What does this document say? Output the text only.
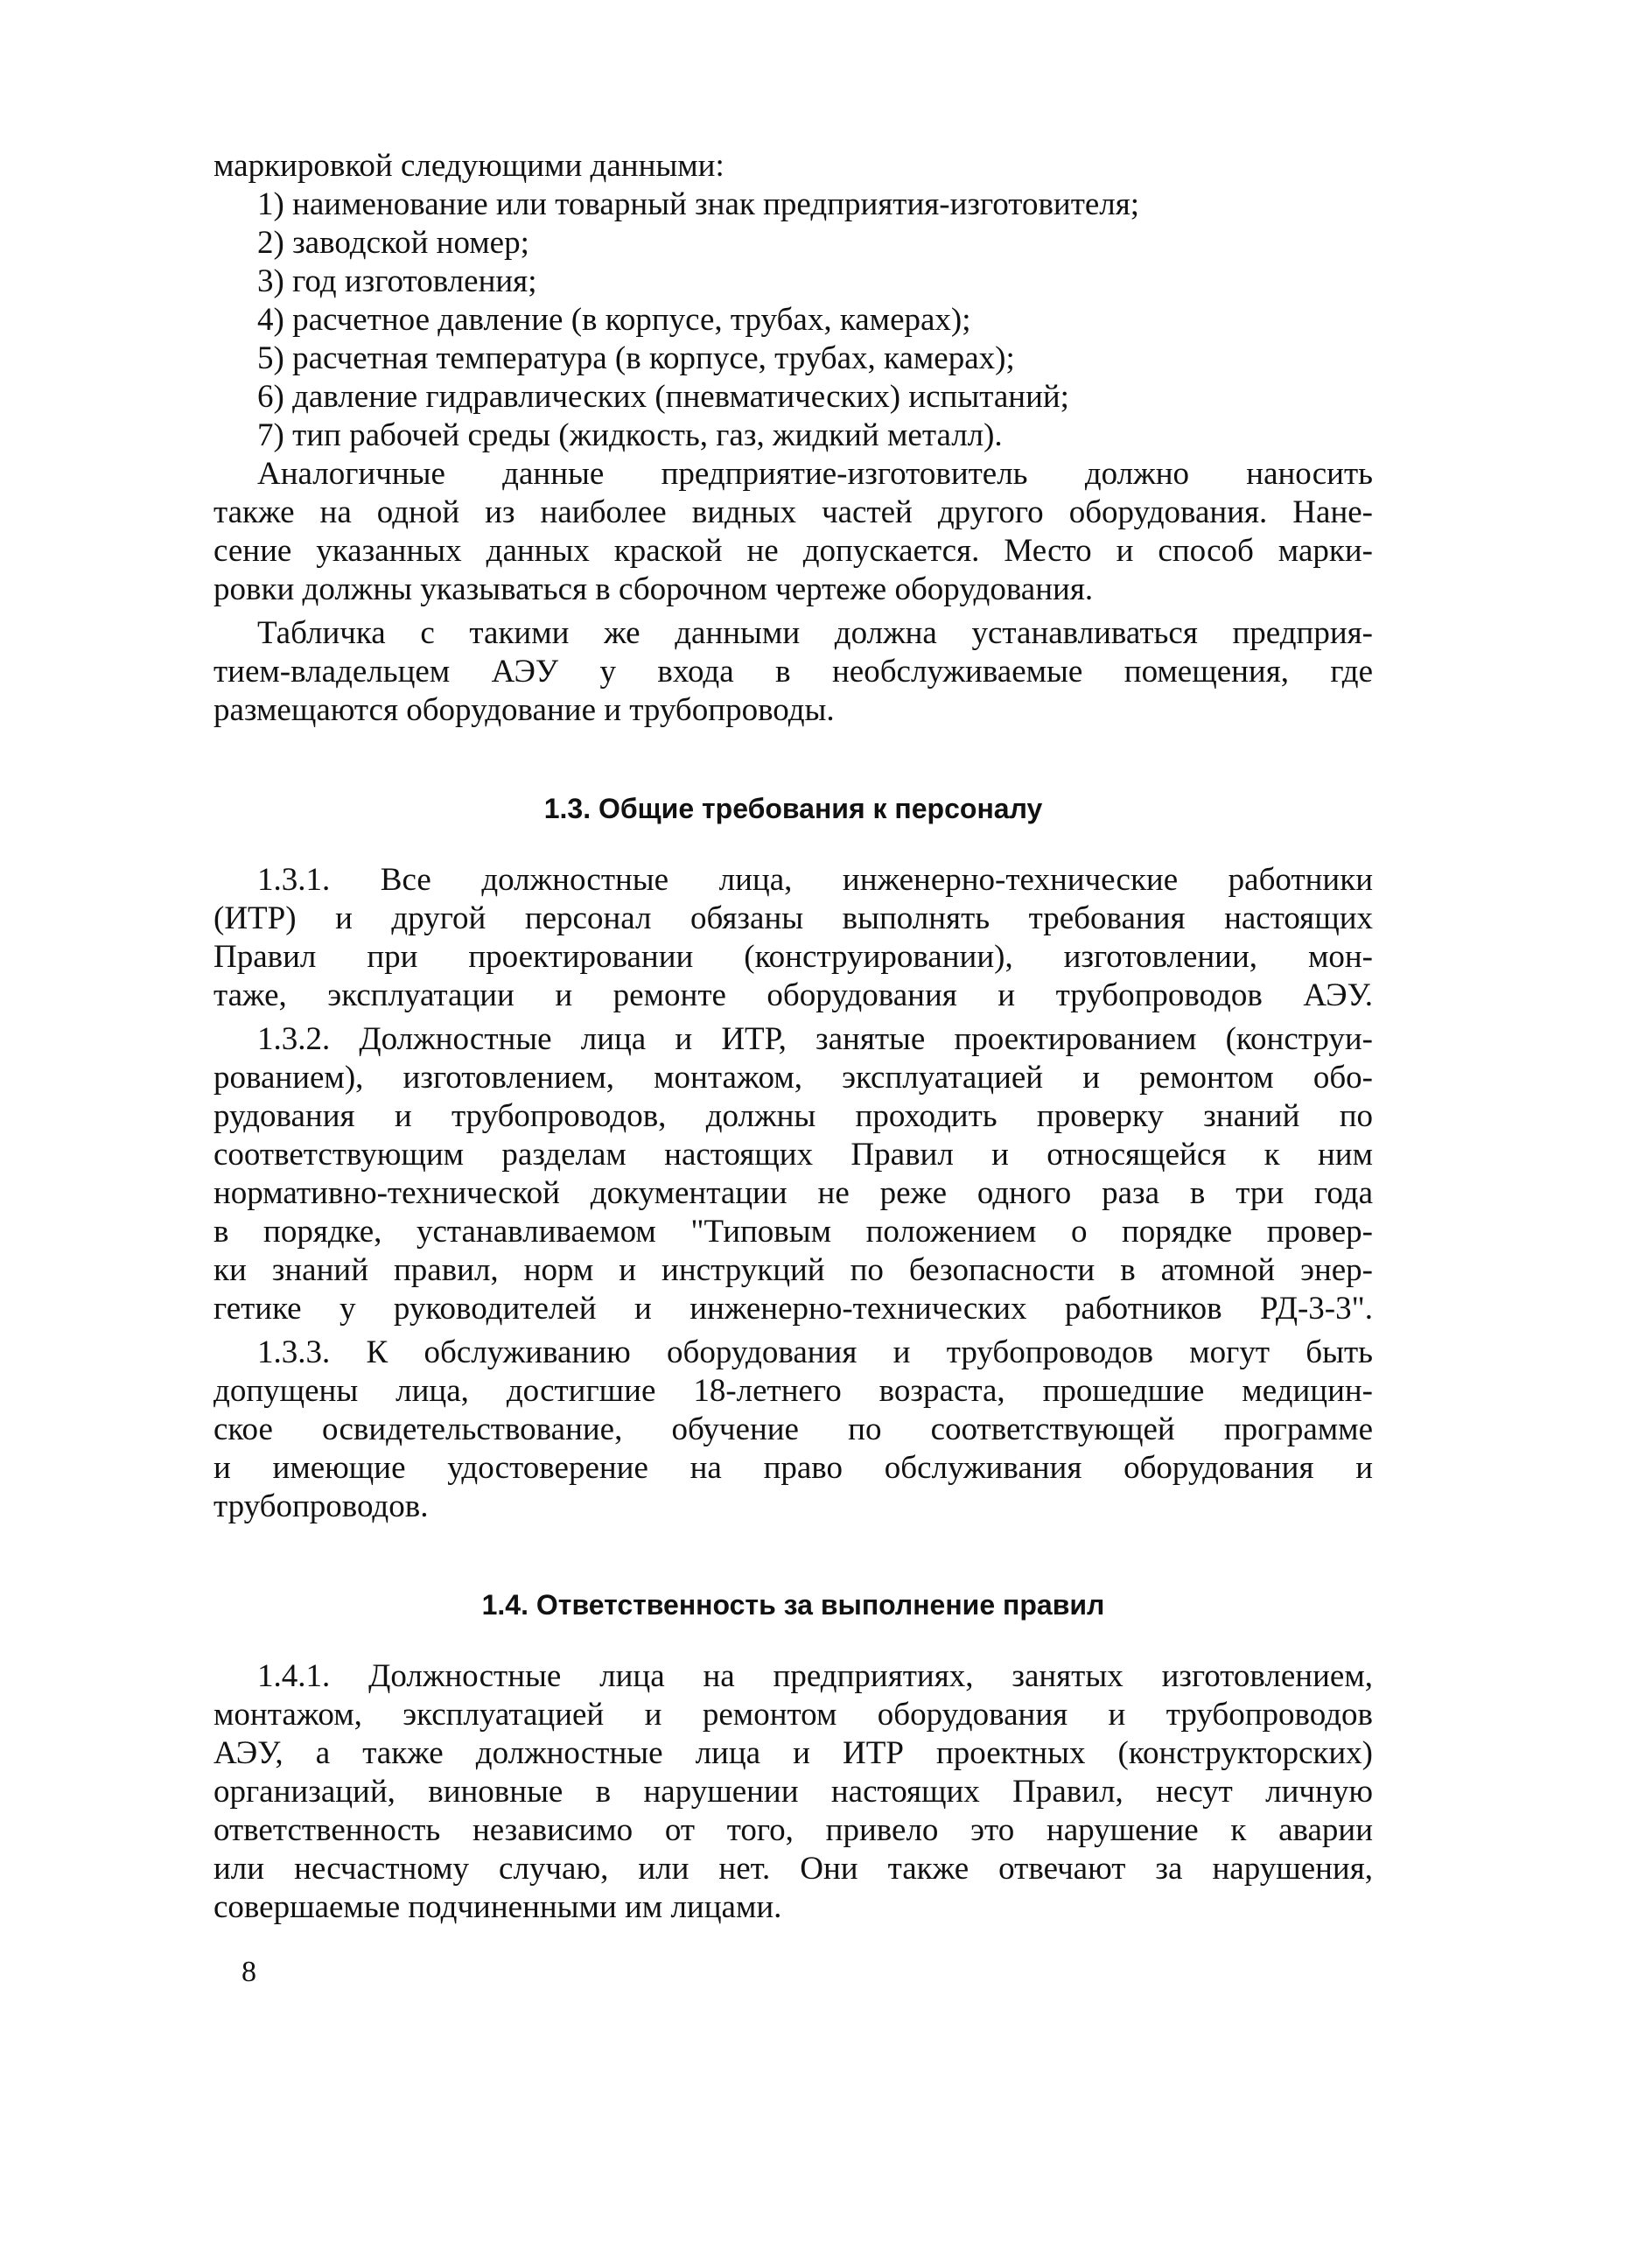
маркировкой следующими данными:
1) наименование или товарный знак предприятия-изготовителя;
2) заводской номер;
3) год изготовления;
4) расчетное давление (в корпусе, трубах, камерах);
5) расчетная температура (в корпусе, трубах, камерах);
6) давление гидравлических (пневматических) испытаний;
7) тип рабочей среды (жидкость, газ, жидкий металл).
Аналогичные данные предприятие-изготовитель должно наносить
также на одной из наиболее видных частей другого оборудования. Нане-
сение указанных данных краской не допускается. Место и способ марки-
ровки должны указываться в сборочном чертеже оборудования.
Табличка с такими же данными должна устанавливаться предприя-
тием-владельцем АЭУ у входа в необслуживаемые помещения, где
размещаются оборудование и трубопроводы.
1.3. Общие требования к персоналу
1.3.1. Все должностные лица, инженерно-технические работники
(ИТР) и другой персонал обязаны выполнять требования настоящих
Правил при проектировании (конструировании), изготовлении, мон-
таже, эксплуатации и ремонте оборудования и трубопроводов АЭУ.
1.3.2. Должностные лица и ИТР, занятые проектированием (конструи-
рованием), изготовлением, монтажом, эксплуатацией и ремонтом обо-
рудования и трубопроводов, должны проходить проверку знаний по
соответствующим разделам настоящих Правил и относящейся к ним
нормативно-технической документации не реже одного раза в три года
в порядке, устанавливаемом "Типовым положением о порядке провер-
ки знаний правил, норм и инструкций по безопасности в атомной энер-
гетике у руководителей и инженерно-технических работников РД-3-3".
1.3.3. К обслуживанию оборудования и трубопроводов могут быть
допущены лица, достигшие 18-летнего возраста, прошедшие медицин-
ское освидетельствование, обучение по соответствующей программе
и имеющие удостоверение на право обслуживания оборудования и
трубопроводов.
1.4. Ответственность за выполнение правил
1.4.1. Должностные лица на предприятиях, занятых изготовлением,
монтажом, эксплуатацией и ремонтом оборудования и трубопроводов
АЭУ, а также должностные лица и ИТР проектных (конструкторских)
организаций, виновные в нарушении настоящих Правил, несут личную
ответственность независимо от того, привело это нарушение к аварии
или несчастному случаю, или нет. Они также отвечают за нарушения,
совершаемые подчиненными им лицами.
8
